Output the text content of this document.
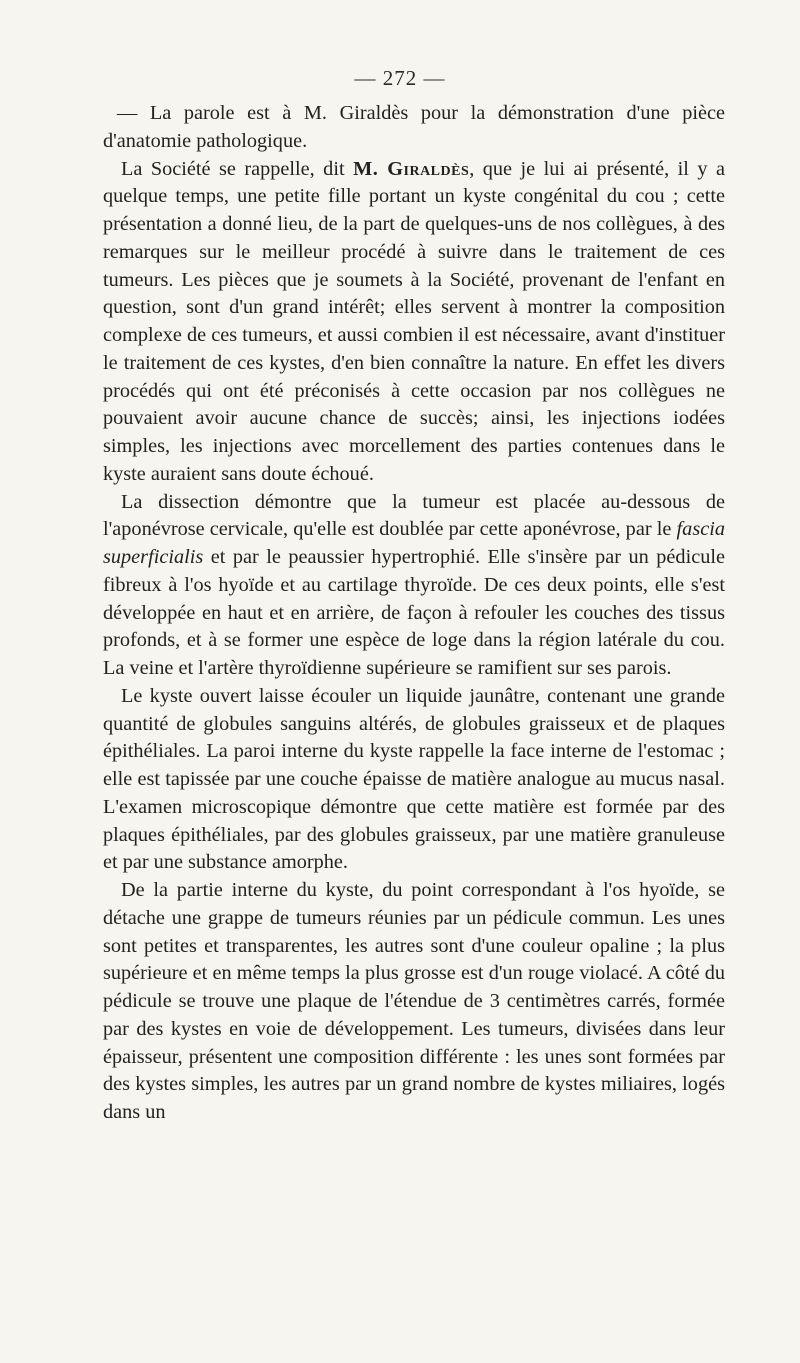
— 272 —

— La parole est à M. Giraldès pour la démonstration d'une pièce d'anatomie pathologique.

La Société se rappelle, dit M. Giraldès, que je lui ai présenté, il y a quelque temps, une petite fille portant un kyste congénital du cou ; cette présentation a donné lieu, de la part de quelques-uns de nos collègues, à des remarques sur le meilleur procédé à suivre dans le traitement de ces tumeurs. Les pièces que je soumets à la Société, provenant de l'enfant en question, sont d'un grand intérêt; elles servent à montrer la composition complexe de ces tumeurs, et aussi combien il est nécessaire, avant d'instituer le traitement de ces kystes, d'en bien connaître la nature. En effet les divers procédés qui ont été préconisés à cette occasion par nos collègues ne pouvaient avoir aucune chance de succès; ainsi, les injections iodées simples, les injections avec morcellement des parties contenues dans le kyste auraient sans doute échoué.

La dissection démontre que la tumeur est placée au-dessous de l'aponévrose cervicale, qu'elle est doublée par cette aponévrose, par le fascia superficialis et par le peaussier hypertrophié. Elle s'insère par un pédicule fibreux à l'os hyoïde et au cartilage thyroïde. De ces deux points, elle s'est développée en haut et en arrière, de façon à refouler les couches des tissus profonds, et à se former une espèce de loge dans la région latérale du cou. La veine et l'artère thyroïdienne supérieure se ramifient sur ses parois.

Le kyste ouvert laisse écouler un liquide jaunâtre, contenant une grande quantité de globules sanguins altérés, de globules graisseux et de plaques épithéliales. La paroi interne du kyste rappelle la face interne de l'estomac ; elle est tapissée par une couche épaisse de matière analogue au mucus nasal. L'examen microscopique démontre que cette matière est formée par des plaques épithéliales, par des globules graisseux, par une matière granuleuse et par une substance amorphe.

De la partie interne du kyste, du point correspondant à l'os hyoïde, se détache une grappe de tumeurs réunies par un pédicule commun. Les unes sont petites et transparentes, les autres sont d'une couleur opaline ; la plus supérieure et en même temps la plus grosse est d'un rouge violacé. A côté du pédicule se trouve une plaque de l'étendue de 3 centimètres carrés, formée par des kystes en voie de développement. Les tumeurs, divisées dans leur épaisseur, présentent une composition différente : les unes sont formées par des kystes simples, les autres par un grand nombre de kystes miliaires, logés dans un
